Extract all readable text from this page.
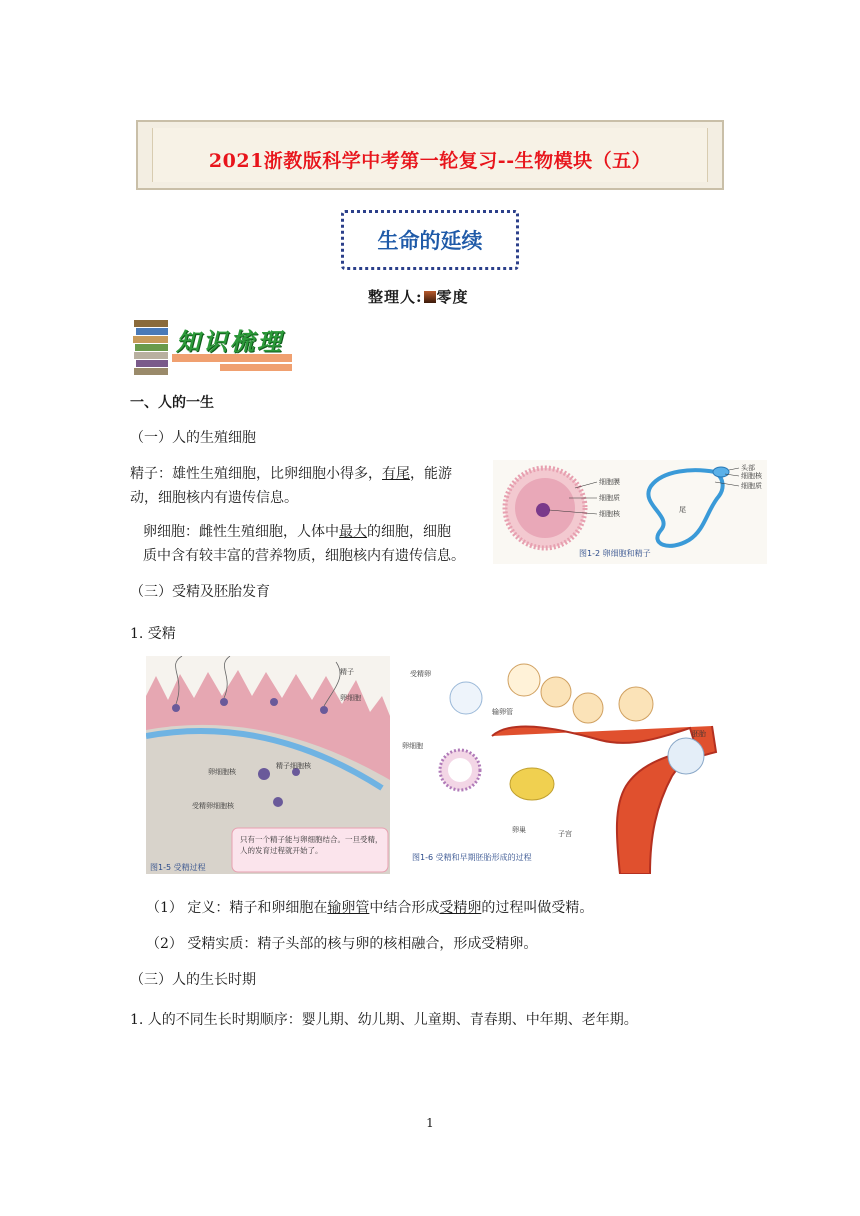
2021浙教版科学中考第一轮复习--生物模块（五）
生命的延续
整理人: 零度
知识梳理
一、人的一生
（一）人的生殖细胞
精子：雄性生殖细胞，比卵细胞小得多，有尾，能游
动，细胞核内有遗传信息。
卵细胞：雌性生殖细胞，人体中最大的细胞，细胞
质中含有较丰富的营养物质，细胞核内有遗传信息。
细胞膜
细胞质
细胞核
头部
细胞核
细胞质
尾
图1-2 卵细胞和精子
（三）受精及胚胎发育
1. 受精
精子
卵细胞
卵细胞核
精子细胞核
受精卵细胞核
只有一个精子能与卵细胞结合。一旦受精，人的发育过程就开始了。
图1-5 受精过程
受精卵
输卵管
卵细胞
卵巢	子宫
胚胎
图1-6 受精和早期胚胎形成的过程
（1） 定义：精子和卵细胞在输卵管中结合形成受精卵的过程叫做受精。
（2） 受精实质：精子头部的核与卵的核相融合，形成受精卵。
（三）人的生长时期
1. 人的不同生长时期顺序：婴儿期、幼儿期、儿童期、青春期、中年期、老年期。
1
